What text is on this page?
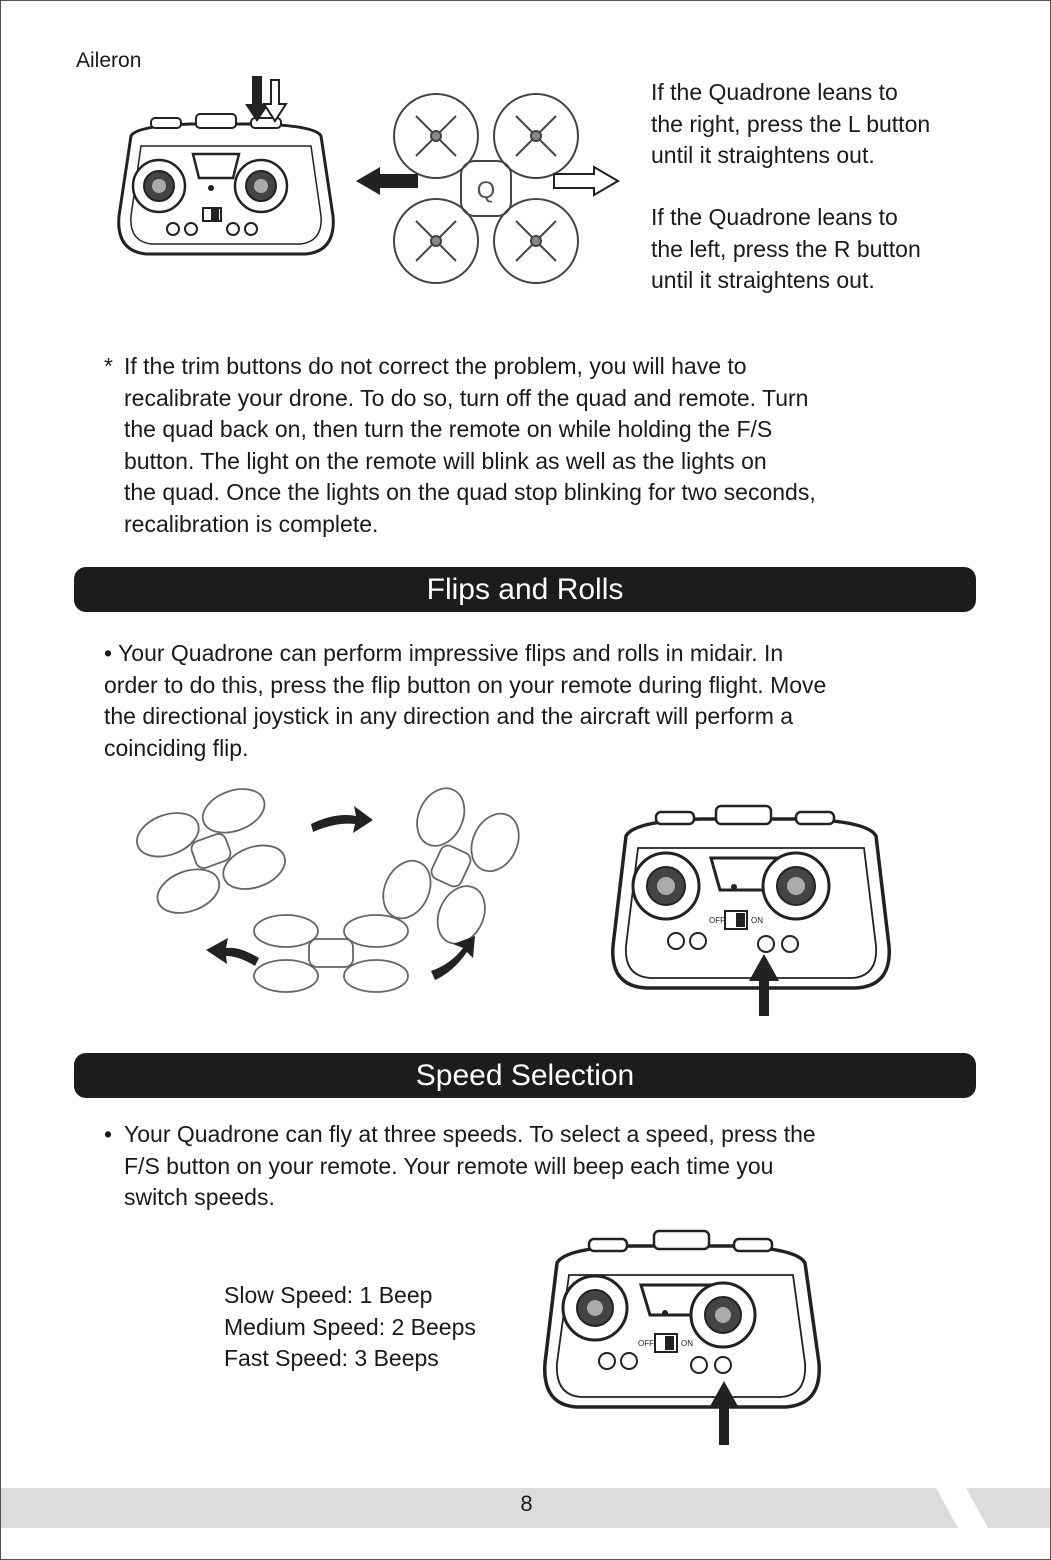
Aileron
Q
If the Quadrone leans to
the right, press the L button
until it straightens out.
If the Quadrone leans to
the left, press the R button
until it straightens out.
* If the trim buttons do not correct the problem, you will have to
recalibrate your drone. To do so, turn off the quad and remote. Turn
the quad back on, then turn the remote on while holding the F/S
button. The light on the remote will blink as well as the lights on
the quad. Once the lights on the quad stop blinking for two seconds,
recalibration is complete.
Flips and Rolls
• Your Quadrone can perform impressive flips and rolls in midair. In
order to do this, press the flip button on your remote during flight. Move
the directional joystick in any direction and the aircraft will perform a
coinciding flip.
OFF	ON
Speed Selection
• Your Quadrone can fly at three speeds. To select a speed, press the
F/S button on your remote. Your remote will beep each time you
switch speeds.
Slow Speed: 1 Beep
Medium Speed: 2 Beeps
Fast Speed: 3 Beeps
OFF	ON
8
